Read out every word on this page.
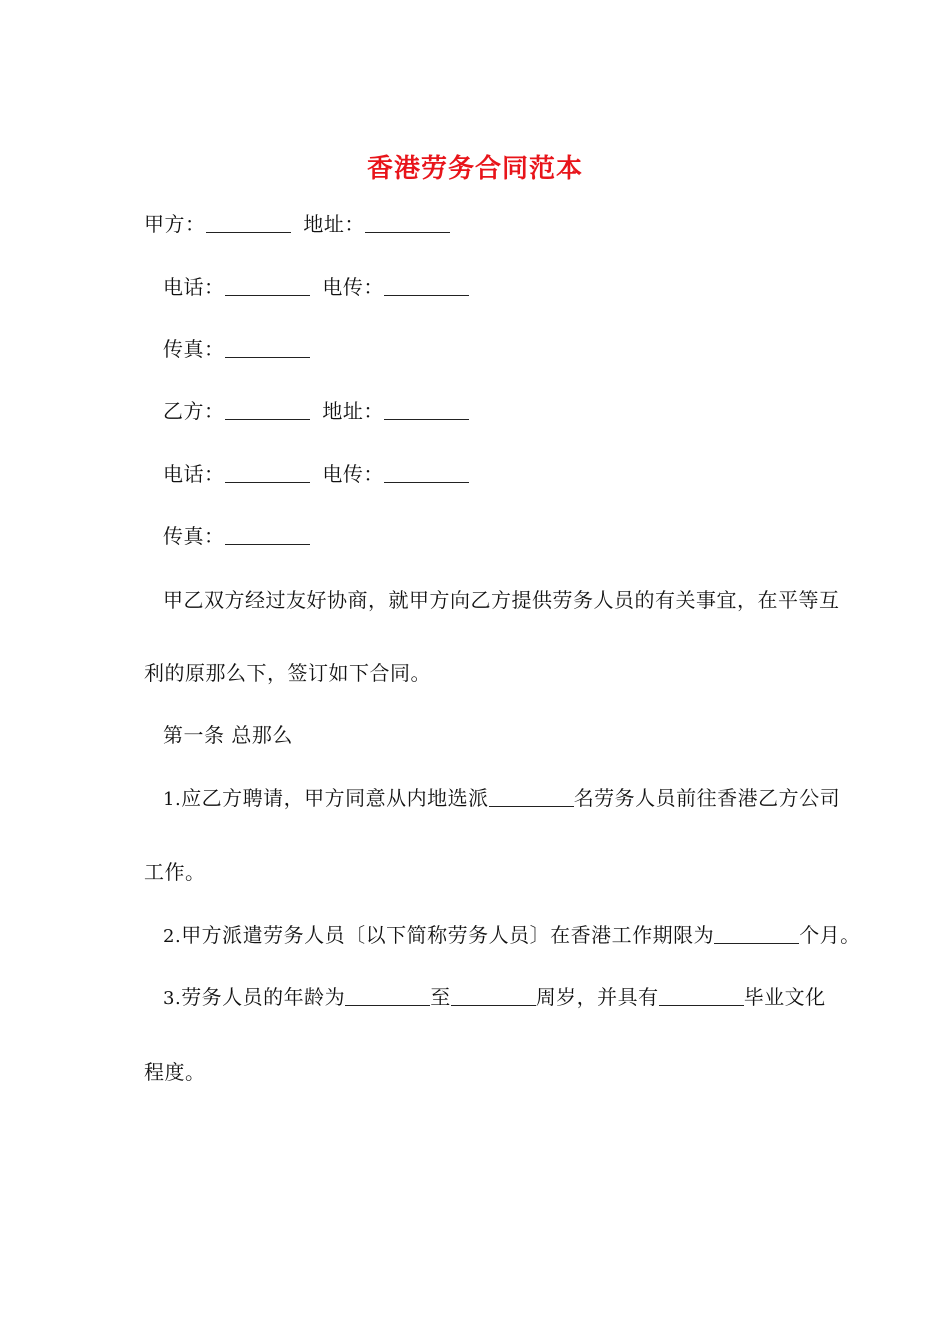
香港劳务合同范本
甲方：	地址：
电话：	电传：
传真：
乙方：	地址：
电话：	电传：
传真：
甲乙双方经过友好协商，就甲方向乙方提供劳务人员的有关事宜，在平等互
利的原那么下，签订如下合同。
第一条 总那么
1.应乙方聘请，甲方同意从内地选派	名劳务人员前往香港乙方公司
工作。
2.甲方派遣劳务人员〔以下简称劳务人员〕在香港工作期限为	个月。
3.劳务人员的年龄为	至	周岁，并具有	毕业文化
程度。
